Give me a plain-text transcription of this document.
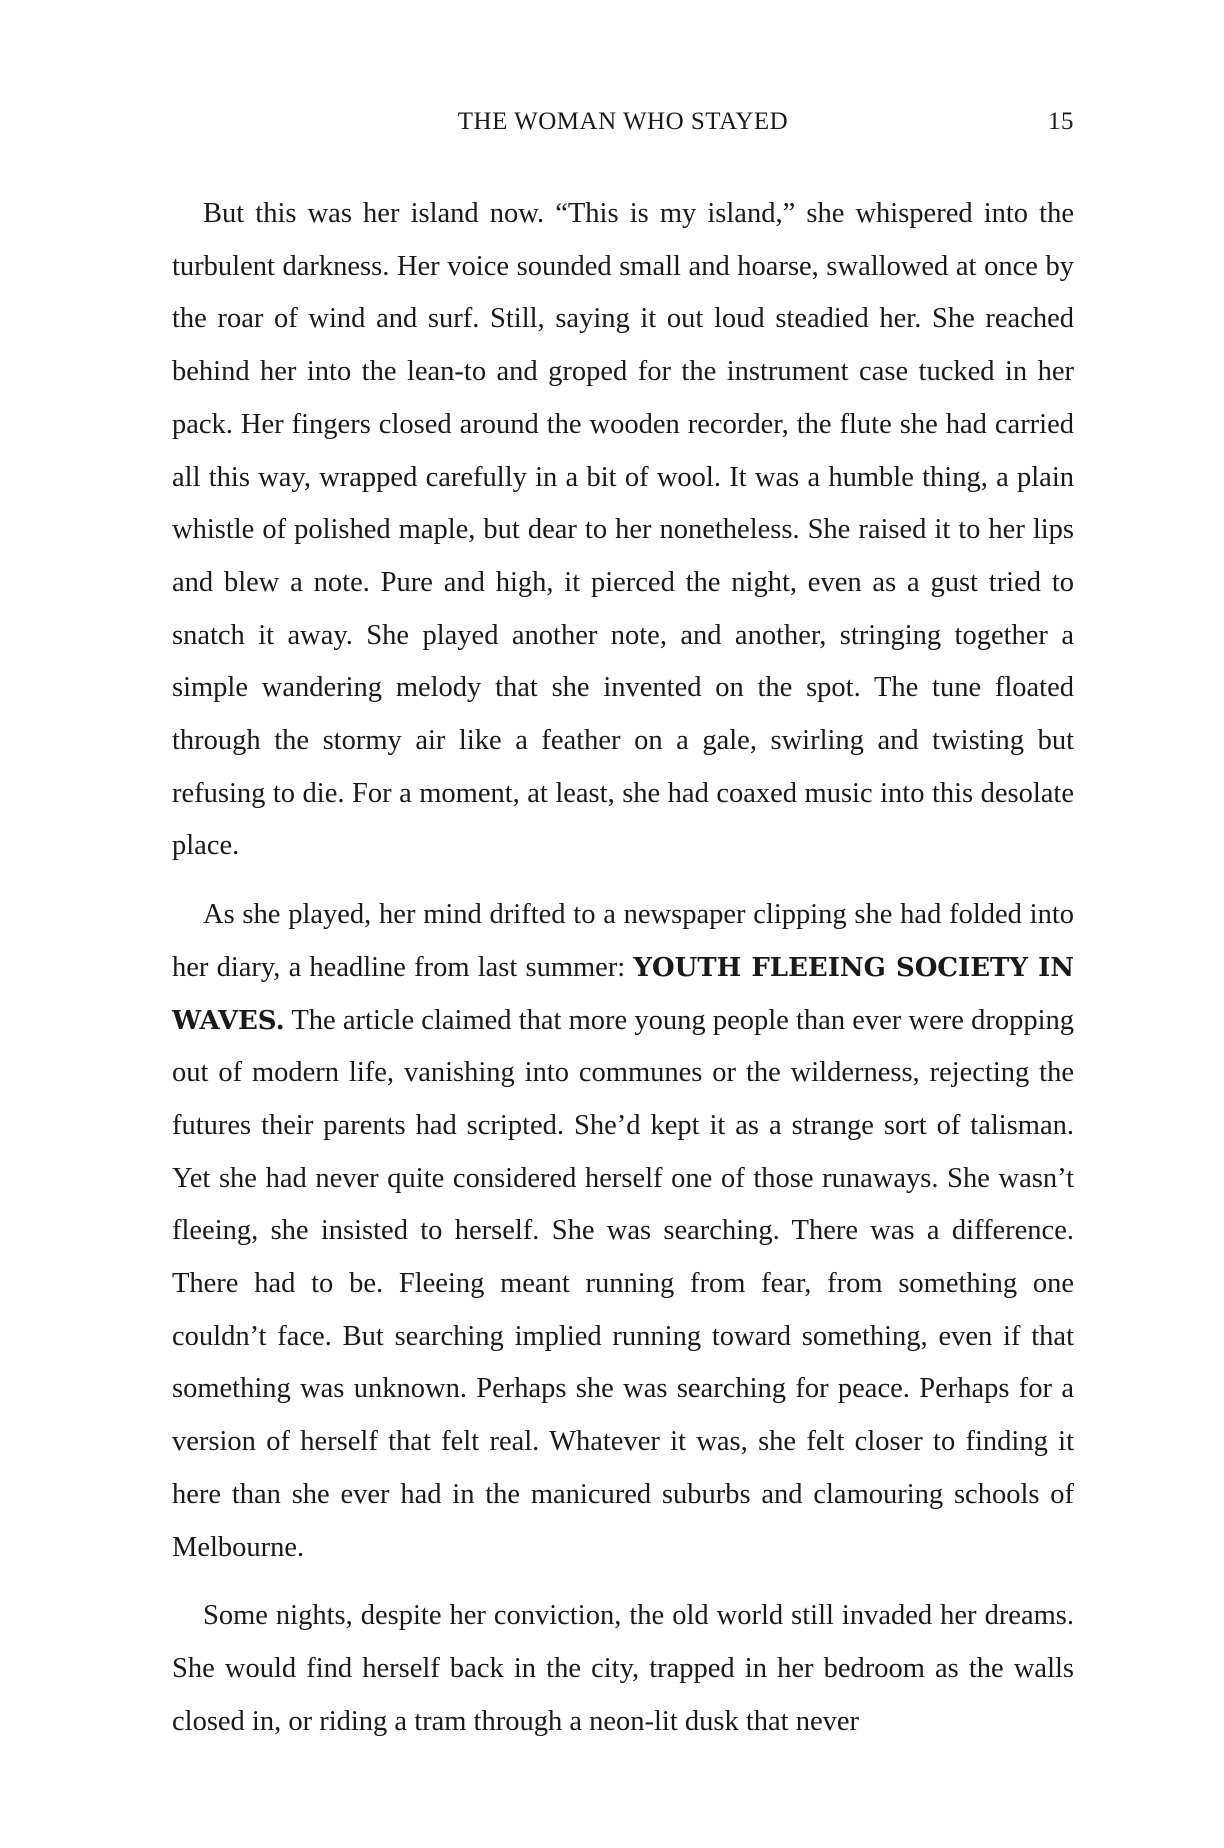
THE WOMAN WHO STAYED	15

But this was her island now. “This is my island,” she whispered into the turbulent darkness. Her voice sounded small and hoarse, swallowed at once by the roar of wind and surf. Still, saying it out loud steadied her. She reached behind her into the lean-to and groped for the instrument case tucked in her pack. Her fingers closed around the wooden recorder, the flute she had carried all this way, wrapped carefully in a bit of wool. It was a humble thing, a plain whistle of polished maple, but dear to her nonetheless. She raised it to her lips and blew a note. Pure and high, it pierced the night, even as a gust tried to snatch it away. She played another note, and another, stringing together a simple wandering melody that she invented on the spot. The tune floated through the stormy air like a feather on a gale, swirling and twisting but refusing to die. For a moment, at least, she had coaxed music into this desolate place.

As she played, her mind drifted to a newspaper clipping she had folded into her diary, a headline from last summer: YOUTH FLEEING SOCIETY IN WAVES. The article claimed that more young people than ever were dropping out of modern life, vanishing into communes or the wilderness, rejecting the futures their parents had scripted. She’d kept it as a strange sort of talisman. Yet she had never quite considered herself one of those runaways. She wasn’t fleeing, she insisted to herself. She was searching. There was a difference. There had to be. Fleeing meant running from fear, from something one couldn’t face. But searching implied running toward something, even if that something was unknown. Perhaps she was searching for peace. Perhaps for a version of herself that felt real. Whatever it was, she felt closer to finding it here than she ever had in the manicured suburbs and clamouring schools of Melbourne.

Some nights, despite her conviction, the old world still invaded her dreams. She would find herself back in the city, trapped in her bedroom as the walls closed in, or riding a tram through a neon-lit dusk that never
